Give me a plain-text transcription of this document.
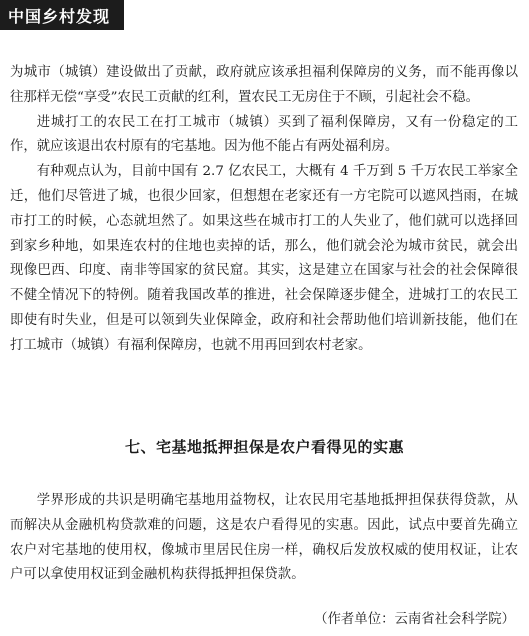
中国乡村发现

为城市（城镇）建设做出了贡献，政府就应该承担福利保障房的义务，而不能再像以往那样无偿“享受”农民工贡献的红利，置农民工无房住于不顾，引起社会不稳。

进城打工的农民工在打工城市（城镇）买到了福利保障房，又有一份稳定的工作，就应该退出农村原有的宅基地。因为他不能占有两处福利房。

有种观点认为，目前中国有 2.7 亿农民工，大概有 4 千万到 5 千万农民工举家全迁，他们尽管进了城，也很少回家，但想想在老家还有一方宅院可以遮风挡雨，在城市打工的时候，心态就坦然了。如果这些在城市打工的人失业了，他们就可以选择回到家乡种地，如果连农村的住地也卖掉的话，那么，他们就会沦为城市贫民，就会出现像巴西、印度、南非等国家的贫民窟。其实，这是建立在国家与社会的社会保障很不健全情况下的特例。随着我国改革的推进，社会保障逐步健全，进城打工的农民工即使有时失业，但是可以领到失业保障金，政府和社会帮助他们培训新技能，他们在打工城市（城镇）有福利保障房，也就不用再回到农村老家。

七、宅基地抵押担保是农户看得见的实惠

学界形成的共识是明确宅基地用益物权，让农民用宅基地抵押担保获得贷款，从而解决从金融机构贷款难的问题，这是农户看得见的实惠。因此，试点中要首先确立农户对宅基地的使用权，像城市里居民住房一样，确权后发放权威的使用权证，让农户可以拿使用权证到金融机构获得抵押担保贷款。

（作者单位：云南省社会科学院）
